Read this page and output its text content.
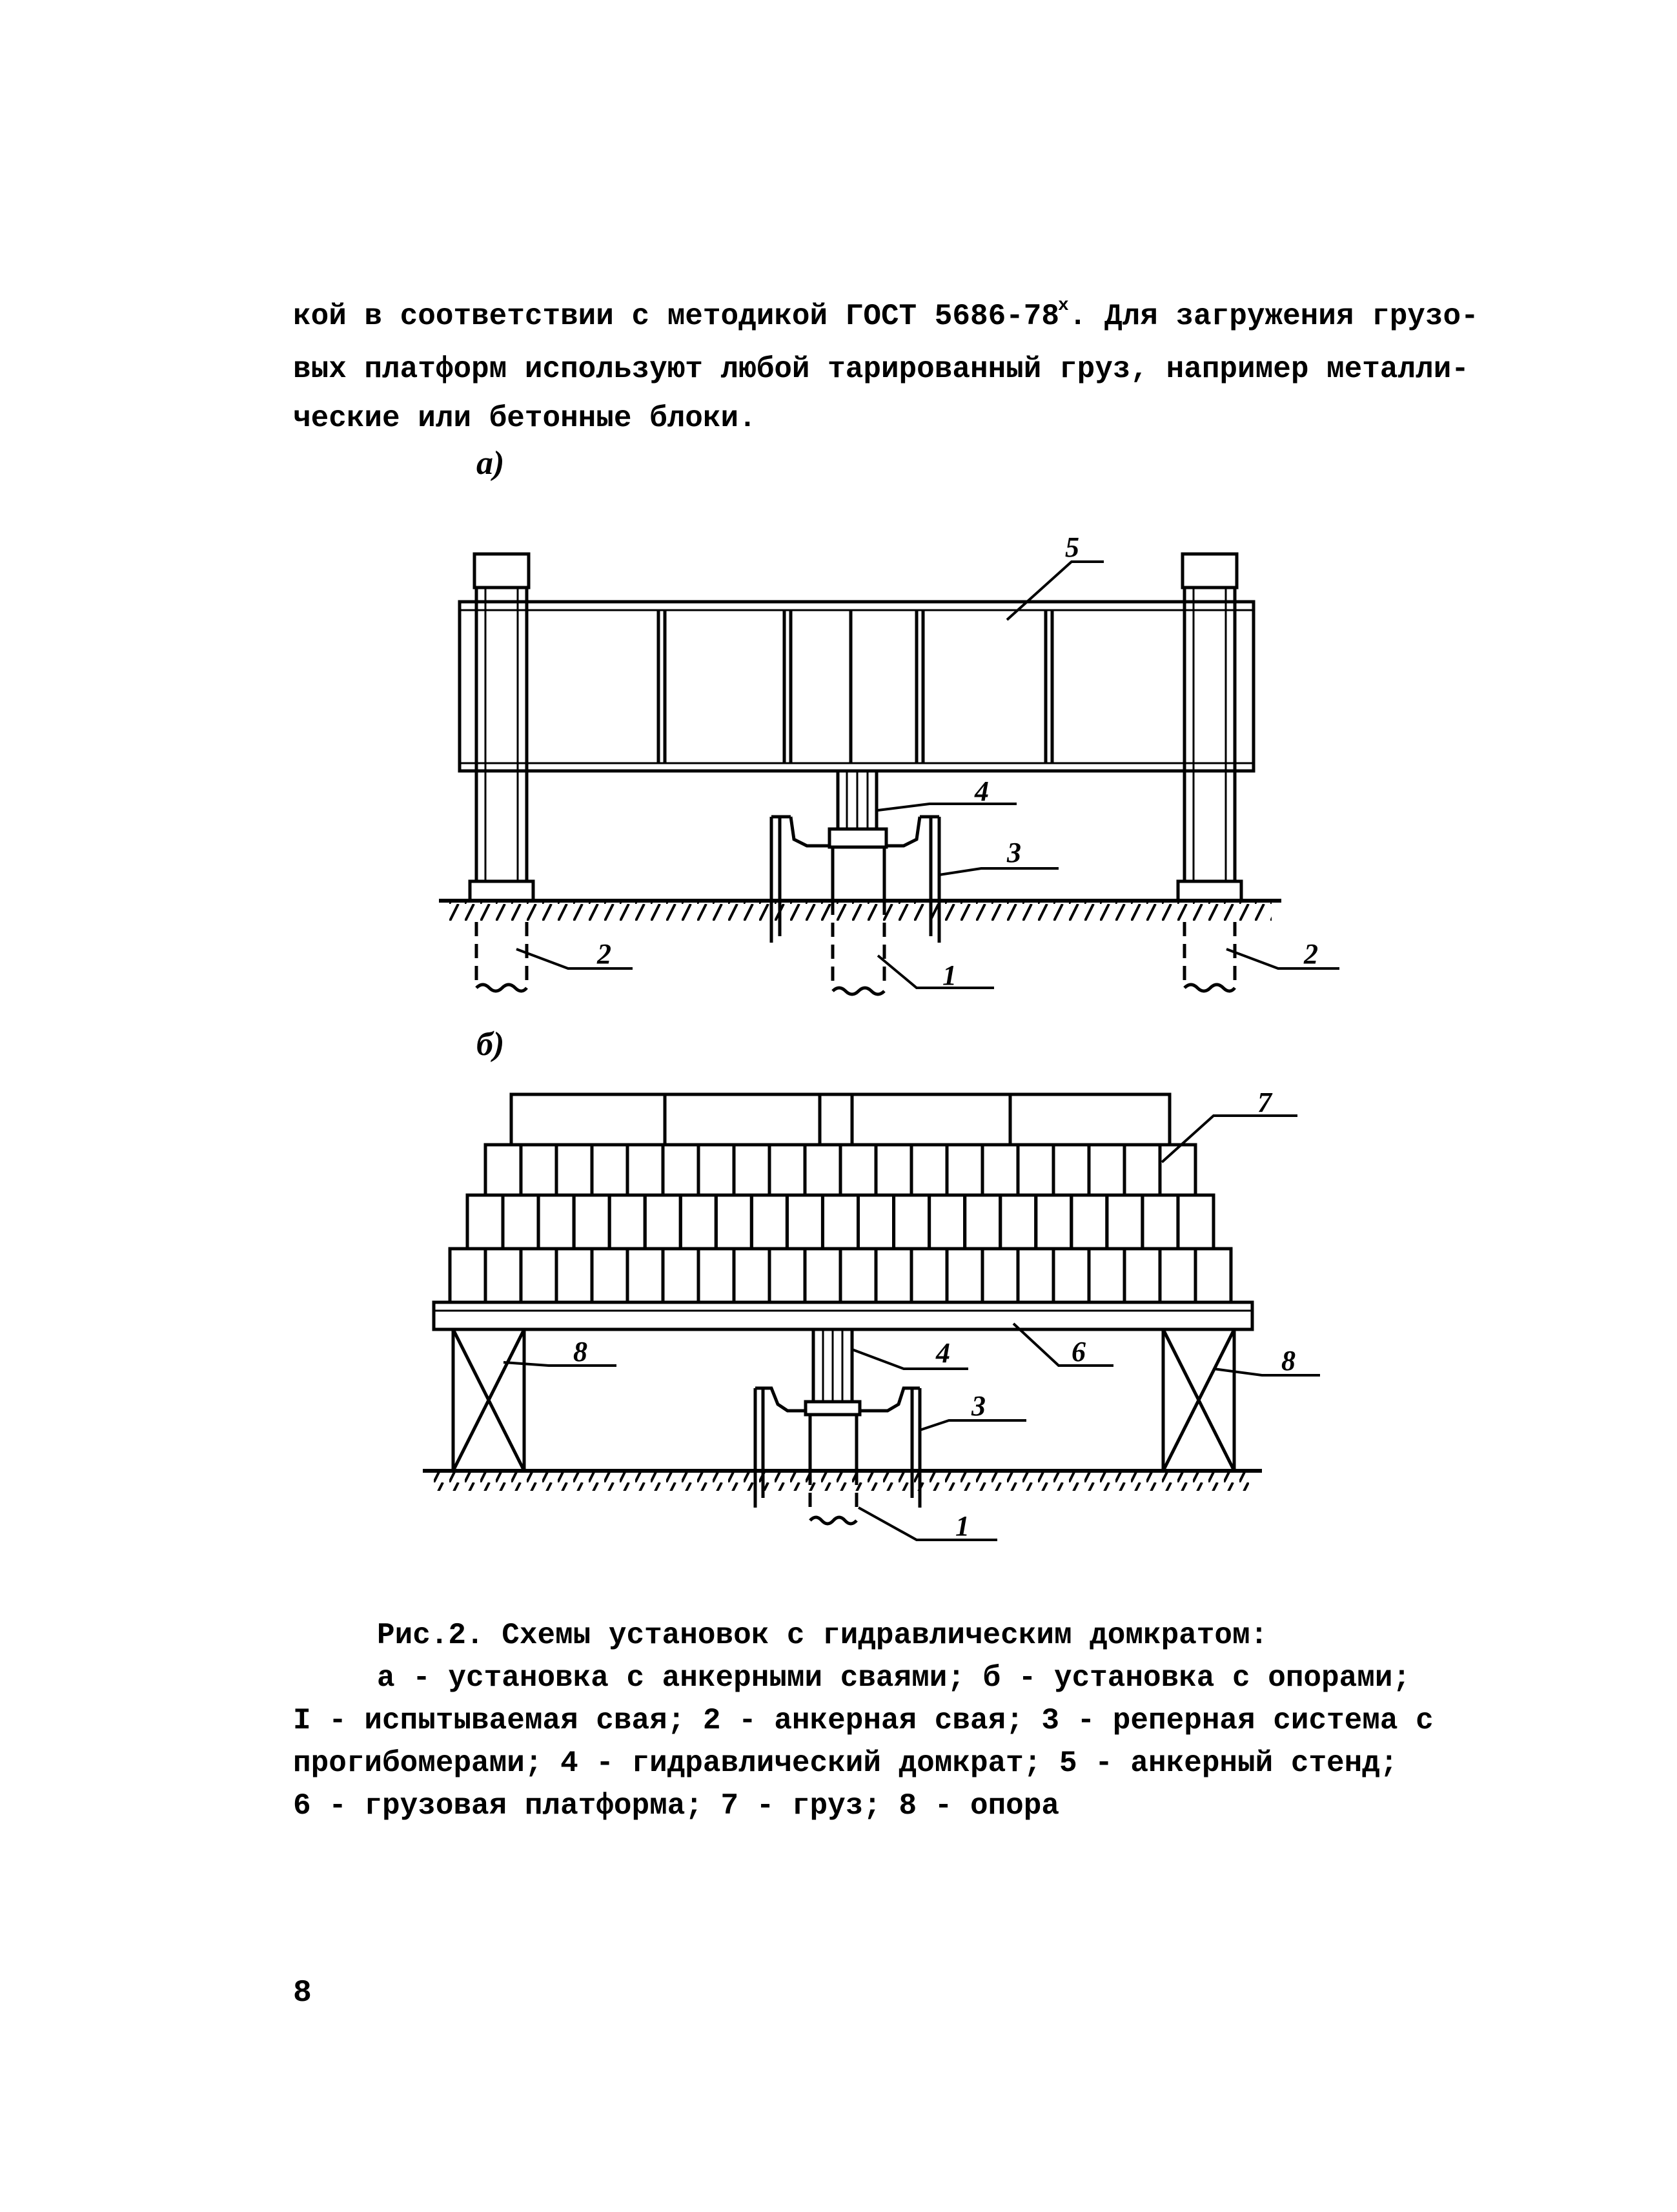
кой в соответствии с методикой ГОСТ 5686-78$^x$. Для загружения грузо-
вых платформ используют любой тарированный груз, например металли-
ческие или бетонные блоки.
а)
б)
5
4
3
2
1
2
7
8	4	6	8
3
1
Рис.2. Схемы установок с гидравлическим домкратом:
а - установка с анкерными сваями; б - установка с опорами;
I - испытываемая свая; 2 - анкерная свая; 3 - реперная система с
прогибомерами; 4 - гидравлический домкрат; 5 - анкерный стенд;
6 - грузовая платформа; 7 - груз; 8 - опора
8
